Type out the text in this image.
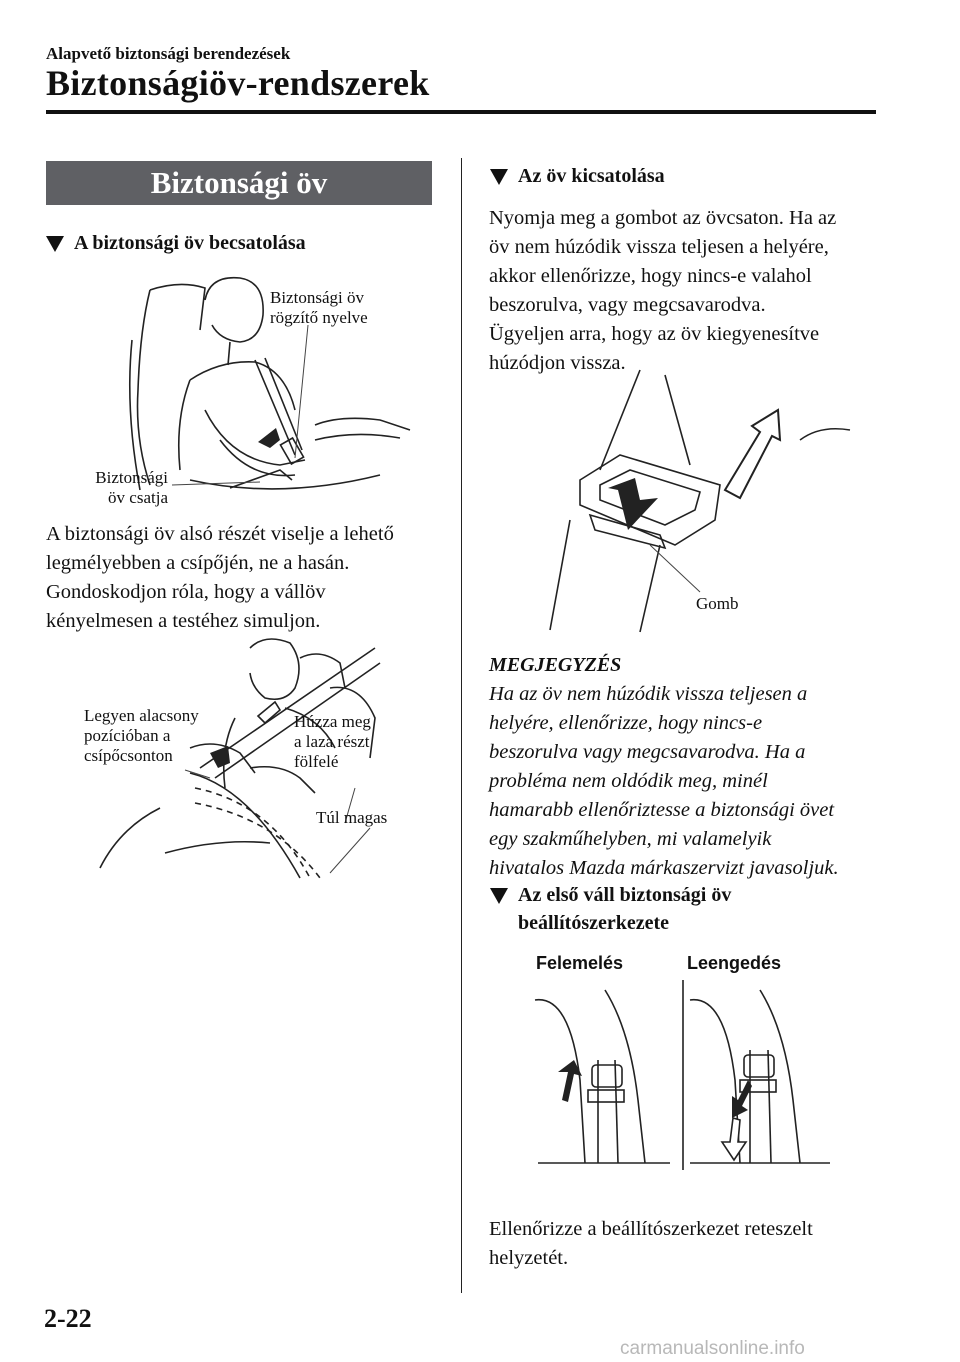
Alapvető biztonsági berendezések
Biztonságiöv-rendszerek
Biztonsági öv
A biztonsági öv becsatolása
Biztonsági öv
rögzítő nyelve
Biztonsági
öv csatja

A biztonsági öv alsó részét viselje a lehető

legmélyebben a csípőjén, ne a hasán.

Gondoskodjon róla, hogy a vállöv

kényelmesen a testéhez simuljon.

Legyen alacsony
pozícióban a
csípőcsonton
Húzza meg
a laza részt
fölfelé
Túl magas
Az öv kicsatolása

Nyomja meg a gombot az övcsaton. Ha az

öv nem húzódik vissza teljesen a helyére,

akkor ellenőrizze, hogy nincs-e valahol

beszorulva, vagy megcsavarodva.

Ügyeljen arra, hogy az öv kiegyenesítve

húzódjon vissza.

Gomb
MEGJEGYZÉS
Ha az öv nem húzódik vissza teljesen a
helyére, ellenőrizze, hogy nincs-e
beszorulva vagy megcsavarodva. Ha a
probléma nem oldódik meg, minél
hamarabb ellenőriztesse a biztonsági övet
egy szakműhelyben, mi valamelyik
hivatalos Mazda márkaszervizt javasoljuk.
Az első váll biztonsági öv
beállítószerkezete
Felemelés	Leengedés

Ellenőrizze a beállítószerkezet reteszelt

helyzetét.

2-22
carmanualsonline.info
